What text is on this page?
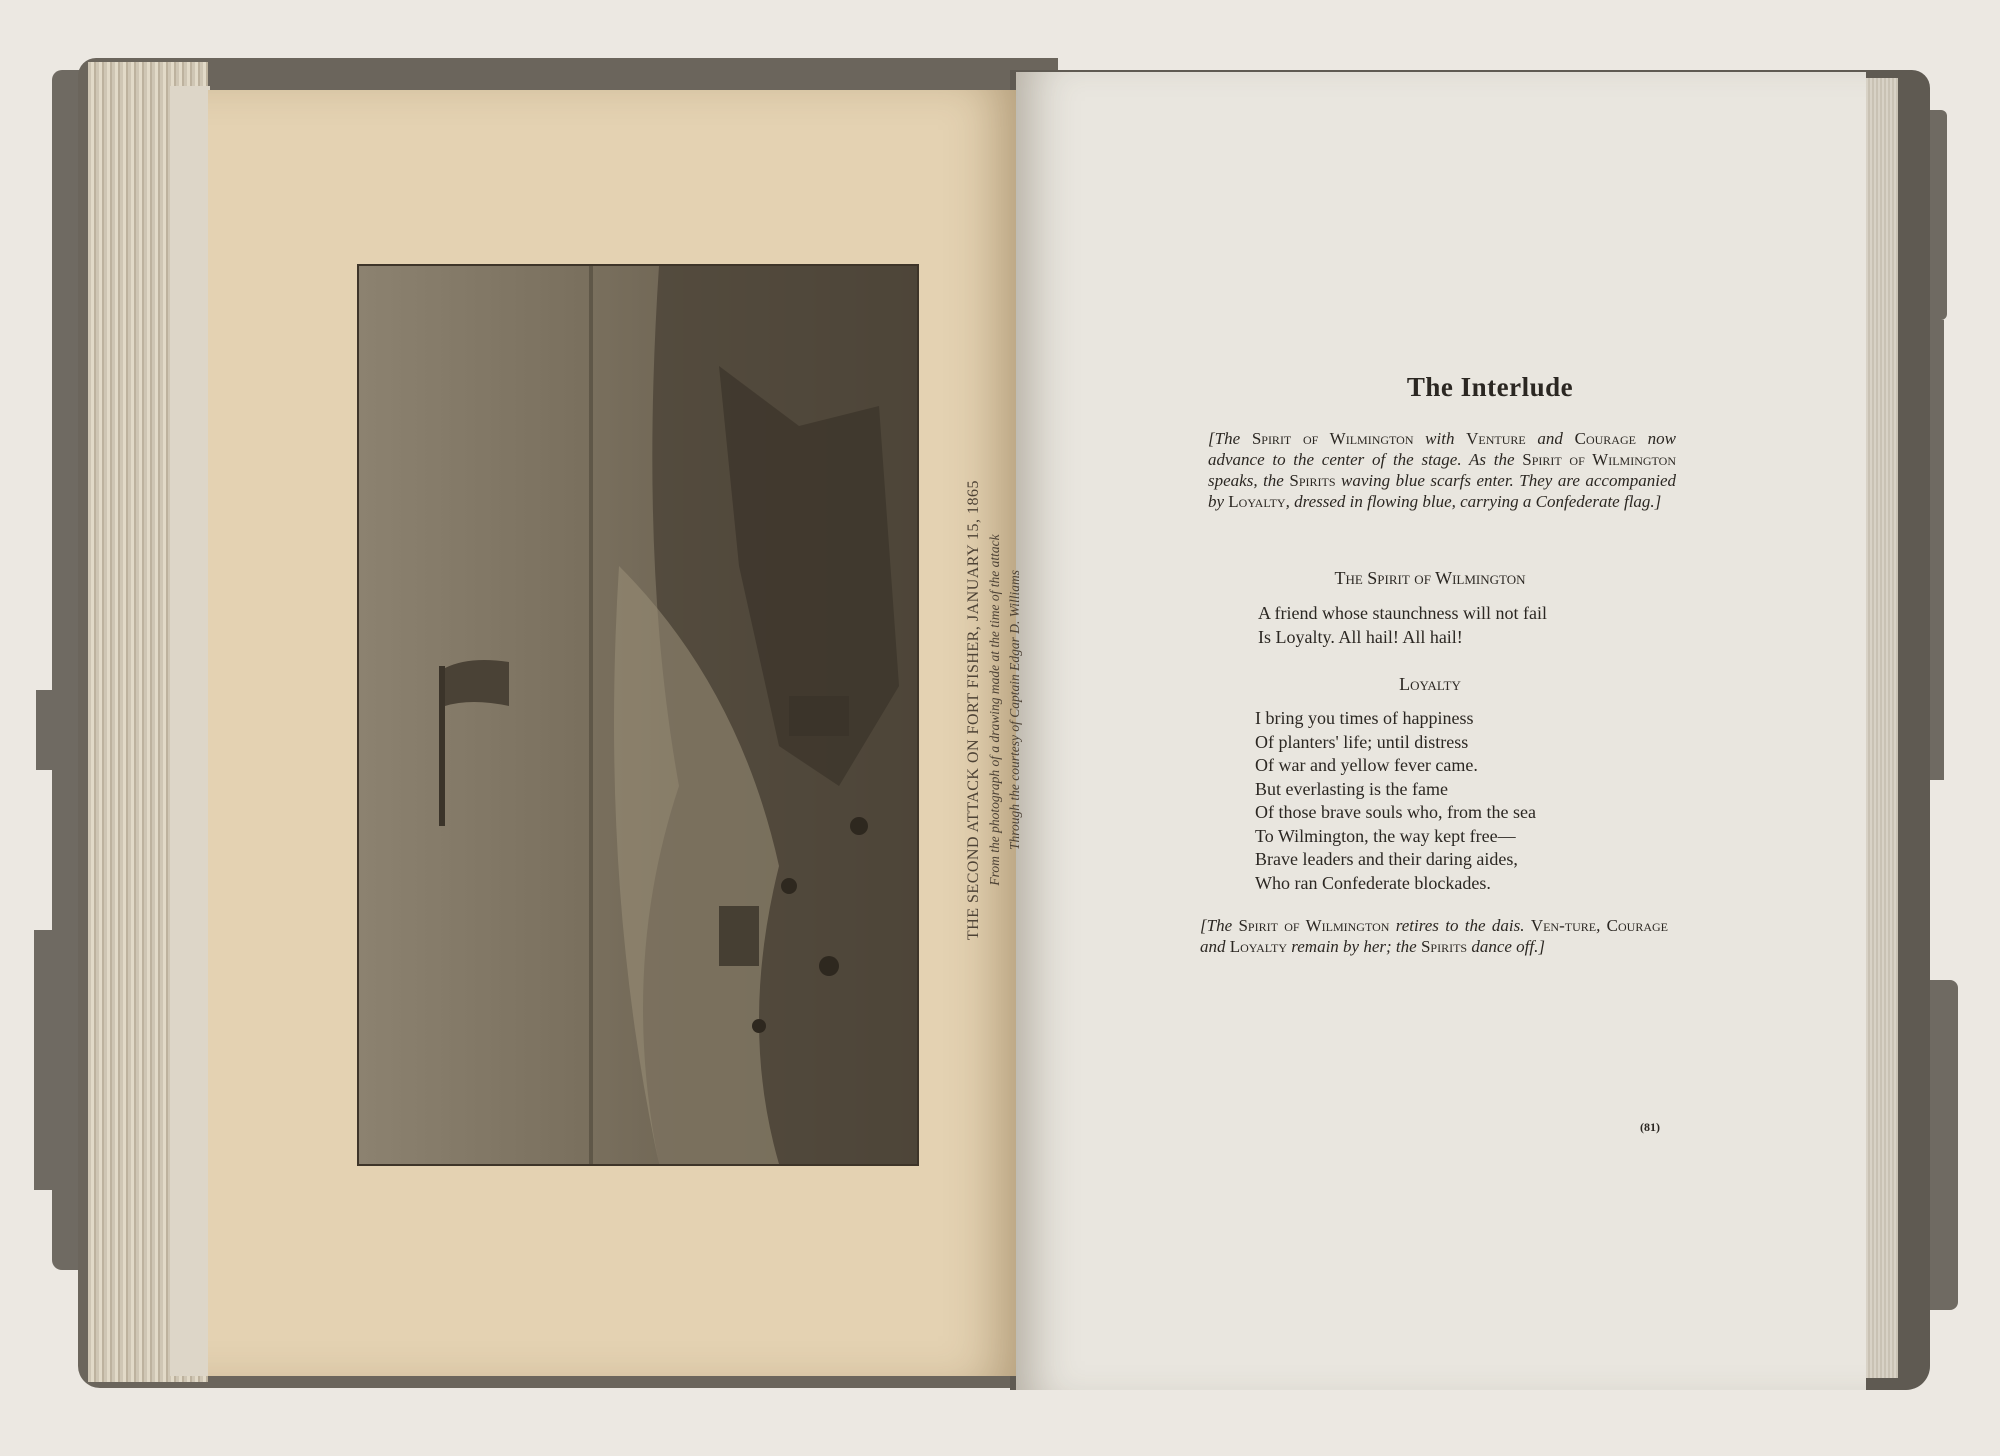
THE SECOND ATTACK ON FORT FISHER, JANUARY 15, 1865 From the photograph of a drawing made at the time of the attack Through the courtesy of Captain Edgar D. Williams
The Interlude
[The Spirit of Wilmington with Venture and Courage now advance to the center of the stage. As the Spirit of Wilmington speaks, the Spirits waving blue scarfs enter. They are accompanied by Loyalty, dressed in flowing blue, carrying a Confederate flag.]
The Spirit of Wilmington
A friend whose staunchness will not fail
Is Loyalty. All hail! All hail!
Loyalty
I bring you times of happiness
Of planters' life; until distress
Of war and yellow fever came.
But everlasting is the fame
Of those brave souls who, from the sea
To Wilmington, the way kept free—
Brave leaders and their daring aides,
Who ran Confederate blockades.
[The Spirit of Wilmington retires to the dais. Ven-ture, Courage and Loyalty remain by her; the Spirits dance off.]
(81)
